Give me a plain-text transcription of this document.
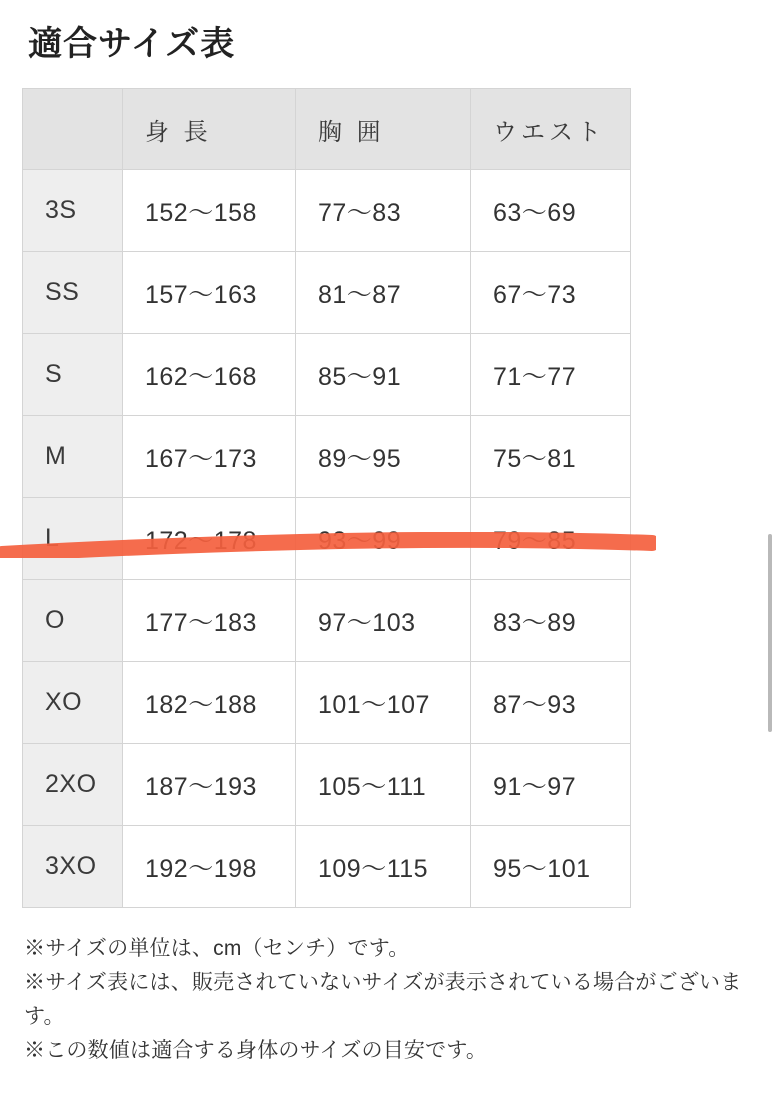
適合サイズ表
	身 長	胸 囲	ウエスト
3S	152〜158	77〜83	63〜69
SS	157〜163	81〜87	67〜73
S	162〜168	85〜91	71〜77
M	167〜173	89〜95	75〜81
L	172〜178	93〜99	79〜85
O	177〜183	97〜103	83〜89
XO	182〜188	101〜107	87〜93
2XO	187〜193	105〜111	91〜97
3XO	192〜198	109〜115	95〜101

※サイズの単位は、cm（センチ）です。

※サイズ表には、販売されていないサイズが表示されている場合がございます。

※この数値は適合する身体のサイズの目安です。
